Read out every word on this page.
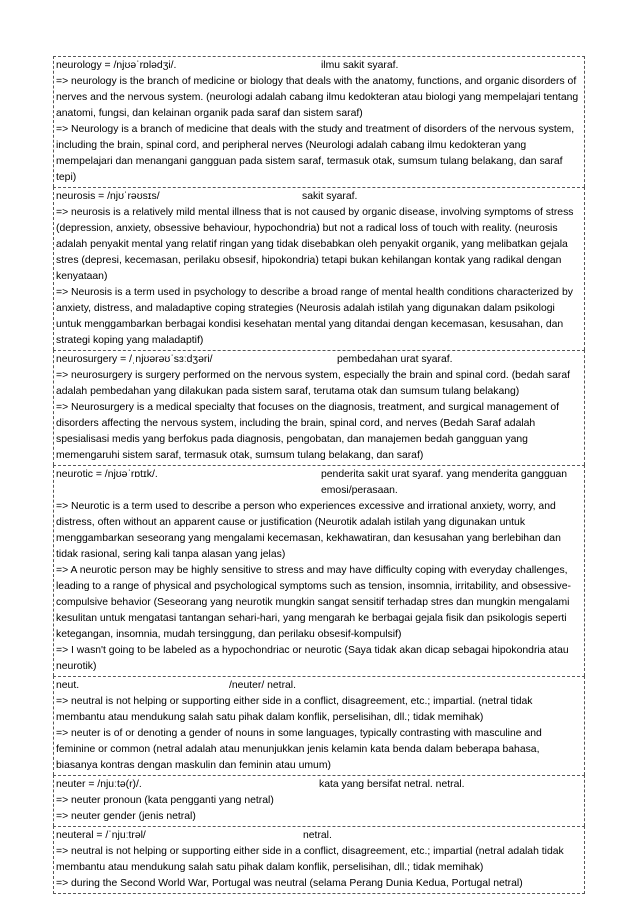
neurology = /njʊəˈrɒlədʒi/.	ilmu sakit syaraf.
=> neurology is the branch of medicine or biology that deals with the anatomy, functions, and organic disorders of nerves and the nervous system. (neurologi adalah cabang ilmu kedokteran atau biologi yang mempelajari tentang anatomi, fungsi, dan kelainan organik pada saraf dan sistem saraf)
=> Neurology is a branch of medicine that deals with the study and treatment of disorders of the nervous system, including the brain, spinal cord, and peripheral nerves (Neurologi adalah cabang ilmu kedokteran yang mempelajari dan menangani gangguan pada sistem saraf, termasuk otak, sumsum tulang belakang, dan saraf tepi)
neurosis = /njʊˈrəʊsɪs/	sakit syaraf.
=> neurosis is a relatively mild mental illness that is not caused by organic disease, involving symptoms of stress (depression, anxiety, obsessive behaviour, hypochondria) but not a radical loss of touch with reality. (neurosis adalah penyakit mental yang relatif ringan yang tidak disebabkan oleh penyakit organik, yang melibatkan gejala stres (depresi, kecemasan, perilaku obsesif, hipokondria) tetapi bukan kehilangan kontak yang radikal dengan kenyataan)
=> Neurosis is a term used in psychology to describe a broad range of mental health conditions characterized by anxiety, distress, and maladaptive coping strategies (Neurosis adalah istilah yang digunakan dalam psikologi untuk menggambarkan berbagai kondisi kesehatan mental yang ditandai dengan kecemasan, kesusahan, dan strategi koping yang maladaptif)
neurosurgery = /ˌnjʊərəʊˈsɜːdʒəri/	pembedahan urat syaraf.
=> neurosurgery is surgery performed on the nervous system, especially the brain and spinal cord. (bedah saraf adalah pembedahan yang dilakukan pada sistem saraf, terutama otak dan sumsum tulang belakang)
=> Neurosurgery is a medical specialty that focuses on the diagnosis, treatment, and surgical management of disorders affecting the nervous system, including the brain, spinal cord, and nerves (Bedah Saraf adalah spesialisasi medis yang berfokus pada diagnosis, pengobatan, dan manajemen bedah gangguan yang memengaruhi sistem saraf, termasuk otak, sumsum tulang belakang, dan saraf)
neurotic = /njʊəˈrɒtɪk/.	penderita sakit urat syaraf. yang menderita gangguan emosi/perasaan.
=> Neurotic is a term used to describe a person who experiences excessive and irrational anxiety, worry, and distress, often without an apparent cause or justification (Neurotik adalah istilah yang digunakan untuk menggambarkan seseorang yang mengalami kecemasan, kekhawatiran, dan kesusahan yang berlebihan dan tidak rasional, sering kali tanpa alasan yang jelas)
=> A neurotic person may be highly sensitive to stress and may have difficulty coping with everyday challenges, leading to a range of physical and psychological symptoms such as tension, insomnia, irritability, and obsessive-compulsive behavior (Seseorang yang neurotik mungkin sangat sensitif terhadap stres dan mungkin mengalami kesulitan untuk mengatasi tantangan sehari-hari, yang mengarah ke berbagai gejala fisik dan psikologis seperti ketegangan, insomnia, mudah tersinggung, dan perilaku obsesif-kompulsif)
=> I wasn't going to be labeled as a hypochondriac or neurotic (Saya tidak akan dicap sebagai hipokondria atau neurotik)
neut.	/neuter/ netral.
=> neutral is not helping or supporting either side in a conflict, disagreement, etc.; impartial. (netral tidak membantu atau mendukung salah satu pihak dalam konflik, perselisihan, dll.; tidak memihak)
=> neuter is of or denoting a gender of nouns in some languages, typically contrasting with masculine and feminine or common (netral adalah atau menunjukkan jenis kelamin kata benda dalam beberapa bahasa, biasanya kontras dengan maskulin dan feminin atau umum)
neuter = /njuːtə(r)/.	kata yang bersifat netral. netral.
=> neuter pronoun (kata pengganti yang netral)
=> neuter gender (jenis netral)
neuteral = /ˈnjuːtrəl/	netral.
=> neutral is not helping or supporting either side in a conflict, disagreement, etc.; impartial (netral adalah tidak membantu atau mendukung salah satu pihak dalam konflik, perselisihan, dll.; tidak memihak)
=> during the Second World War, Portugal was neutral (selama Perang Dunia Kedua, Portugal netral)
